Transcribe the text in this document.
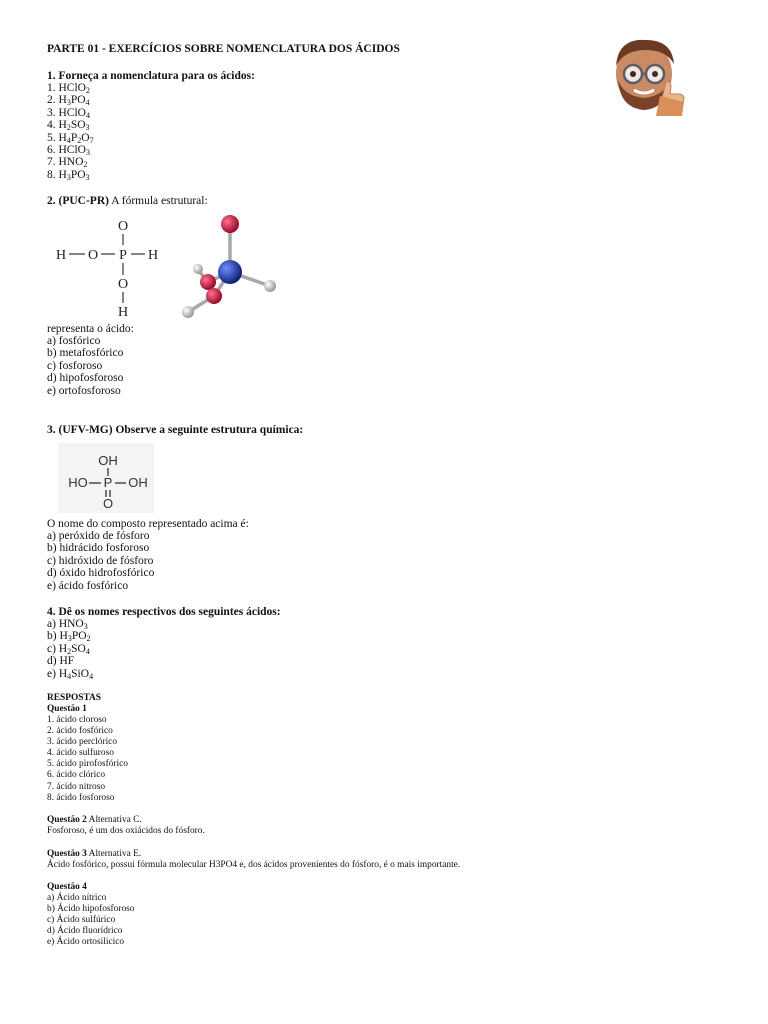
PARTE 01 - EXERCÍCIOS SOBRE NOMENCLATURA DOS ÁCIDOS
1. Forneça a nomenclatura para os ácidos:
1. HClO$_2$
2. $H_3PO_4$
3. HClO$_4$
4. $H_2SO_3$
5. $H_4P_2O_7$
6. HClO$_3$
7. $HNO_2$
8. $H_3PO_3$
2. (PUC-PR) A fórmula estrutural:
O
H O P H
O
H
representa o ácido:
a) fosfórico
b) metafosfórico
c) fosforoso
d) hipofosforoso
e) ortofosforoso
3. (UFV-MG) Observe a seguinte estrutura química:
OH
HO P OH
O
O nome do composto representado acima é:
a) peróxido de fósforo
b) hidrácido fosforoso
c) hidróxido de fósforo
d) óxido hidrofosfórico
e) ácido fosfórico
4. Dê os nomes respectivos dos seguintes ácidos:
a) $HNO_3$
b) $H_3PO_2$
c) $H_2SO_4$
d) HF
e) $H_4SiO_4$
RESPOSTAS
Questão 1
1. ácido cloroso
2. ácido fosfórico
3. ácido perclórico
4. ácido sulfuroso
5. ácido pirofosfórico
6. ácido clórico
7. ácido nitroso
8. ácido fosforoso
Questão 2 Alternativa C.
Fosforoso, é um dos oxiácidos do fósforo.
Questão 3 Alternativa E.
Ácido fosfórico, possui fórmula molecular H3PO4 e, dos ácidos provenientes do fósforo, é o mais importante.
Questão 4
a) Ácido nítrico
b) Ácido hipofosforoso
c) Ácido sulfúrico
d) Ácido fluorídrico
e) Ácido ortosilícico
